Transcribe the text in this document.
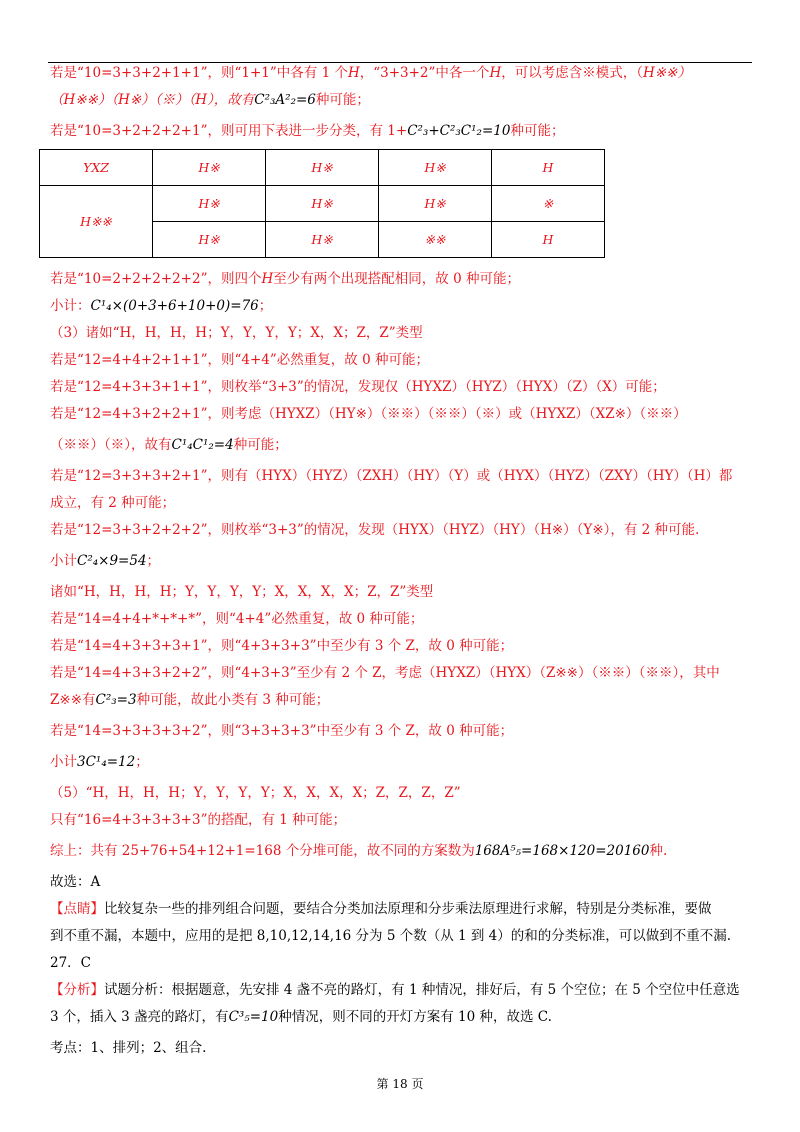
若是“10=3+3+2+1+1”，则“1+1”中各有 1 个H，“3+3+2”中各一个H，可以考虑含※模式，（H※※）

（H※※）（H※）（※）（H），故有C²₃A²₂=6种可能；

若是“10=3+2+2+2+1”，则可用下表进一步分类，有 1+C²₃+C²₃C¹₂=10种可能；

YXZ	H※	H※	H※	H
H※※	H※	H※	H※	※
	H※	H※	※※	H

若是“10=2+2+2+2+2”，则四个H至少有两个出现搭配相同，故 0 种可能；

小计：C¹₄×(0+3+6+10+0)=76；

（3）诸如“H，H，H，H；Y，Y，Y，Y；X，X；Z，Z”类型

若是“12=4+4+2+1+1”，则“4+4”必然重复，故 0 种可能；

若是“12=4+3+3+1+1”，则枚举“3+3”的情况，发现仅（HYXZ）（HYZ）（HYX）（Z）（X）可能；

若是“12=4+3+2+2+1”，则考虑（HYXZ）（HY※）（※※）（※※）（※）或（HYXZ）（XZ※）（※※）

（※※）（※），故有C¹₄C¹₂=4种可能；

若是“12=3+3+3+2+1”，则有（HYX）（HYZ）（ZXH）（HY）（Y）或（HYX）（HYZ）（ZXY）（HY）（H）都

成立，有 2 种可能；

若是“12=3+3+2+2+2”，则枚举“3+3”的情况，发现（HYX）（HYZ）（HY）（H※）（Y※），有 2 种可能.

小计C²₄×9=54；

诸如“H，H，H，H；Y，Y，Y，Y；X，X，X，X；Z，Z”类型

若是“14=4+4+*+*+*”，则“4+4”必然重复，故 0 种可能；

若是“14=4+3+3+3+1”，则“4+3+3+3”中至少有 3 个 Z，故 0 种可能；

若是“14=4+3+3+2+2”，则“4+3+3”至少有 2 个 Z，考虑（HYXZ）（HYX）（Z※※）（※※）（※※），其中

Z※※有C²₃=3种可能，故此小类有 3 种可能；

若是“14=3+3+3+3+2”，则“3+3+3+3”中至少有 3 个 Z，故 0 种可能；

小计3C¹₄=12；

（5）“H，H，H，H；Y，Y，Y，Y；X，X，X，X；Z，Z，Z，Z”

只有“16=4+3+3+3+3”的搭配，有 1 种可能；

综上：共有 25+76+54+12+1=168 个分堆可能，故不同的方案数为168A⁵₅=168×120=20160种.

故选：A

【点睛】比较复杂一些的排列组合问题，要结合分类加法原理和分步乘法原理进行求解，特别是分类标准，要做

到不重不漏，本题中，应用的是把 8,10,12,14,16 分为 5 个数（从 1 到 4）的和的分类标准，可以做到不重不漏.

27．C

【分析】试题分析：根据题意，先安排 4 盏不亮的路灯，有 1 种情况，排好后，有 5 个空位；在 5 个空位中任意选

3 个，插入 3 盏亮的路灯，有C³₅=10种情况，则不同的开灯方案有 10 种，故选 C.

考点：1、排列；2、组合.

第 18 页
